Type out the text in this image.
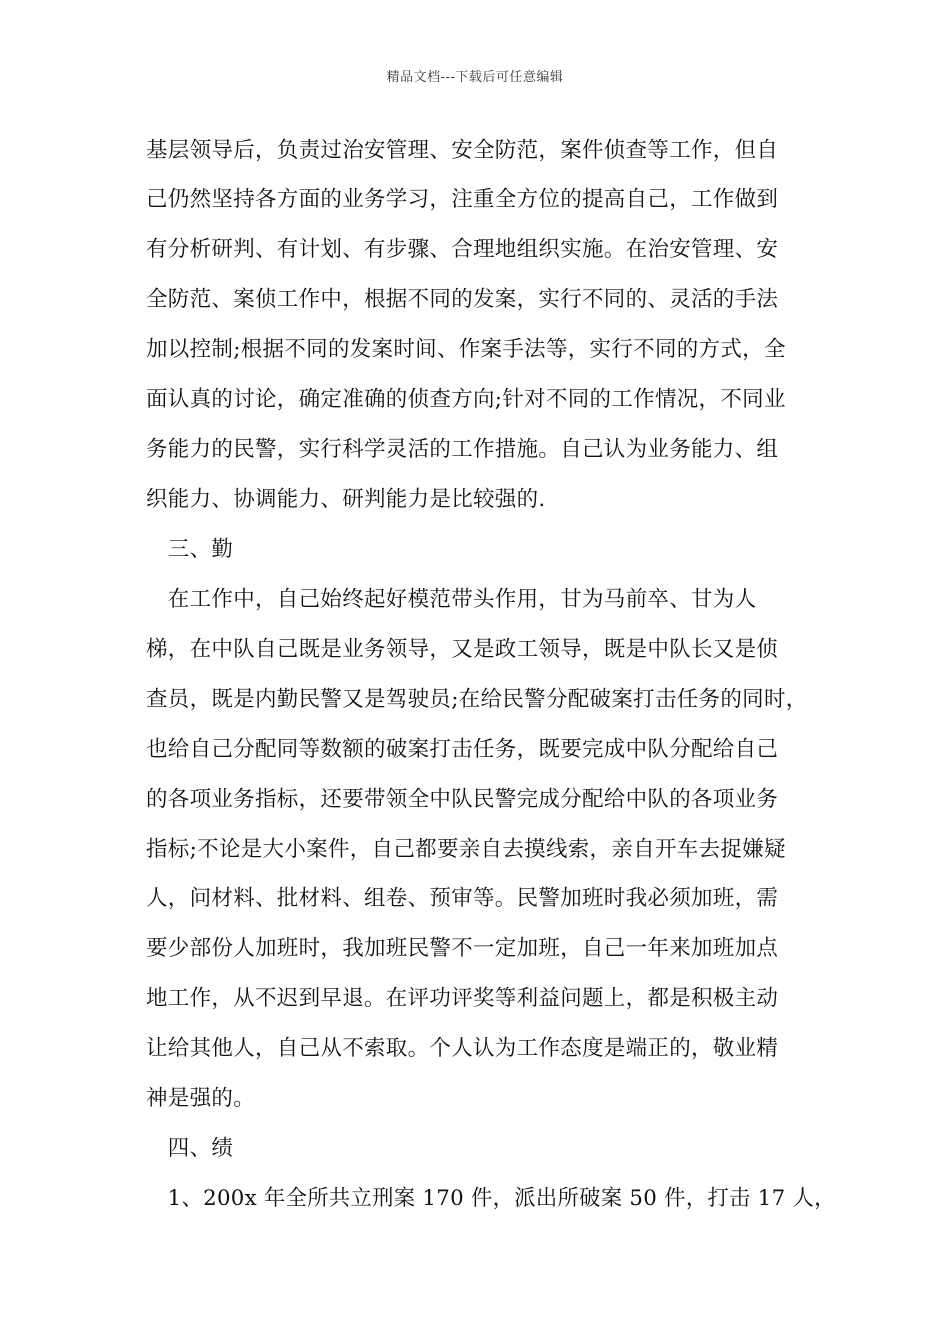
精品文档---下载后可任意编辑
基层领导后，负责过治安管理、安全防范，案件侦查等工作，但自
己仍然坚持各方面的业务学习，注重全方位的提高自己，工作做到
有分析研判、有计划、有步骤、合理地组织实施。在治安管理、安
全防范、案侦工作中，根据不同的发案，实行不同的、灵活的手法
加以控制;根据不同的发案时间、作案手法等，实行不同的方式，全
面认真的讨论，确定准确的侦查方向;针对不同的工作情况，不同业
务能力的民警，实行科学灵活的工作措施。自己认为业务能力、组
织能力、协调能力、研判能力是比较强的.
　三、勤
　在工作中，自己始终起好模范带头作用，甘为马前卒、甘为人
梯，在中队自己既是业务领导，又是政工领导，既是中队长又是侦
查员，既是内勤民警又是驾驶员;在给民警分配破案打击任务的同时，
也给自己分配同等数额的破案打击任务，既要完成中队分配给自己
的各项业务指标，还要带领全中队民警完成分配给中队的各项业务
指标;不论是大小案件，自己都要亲自去摸线索，亲自开车去捉嫌疑
人，问材料、批材料、组卷、预审等。民警加班时我必须加班，需
要少部份人加班时，我加班民警不一定加班，自己一年来加班加点
地工作，从不迟到早退。在评功评奖等利益问题上，都是积极主动
让给其他人，自己从不索取。个人认为工作态度是端正的，敬业精
神是强的。
　四、绩
　1、200x 年全所共立刑案 170 件，派出所破案 50 件，打击 17 人，
